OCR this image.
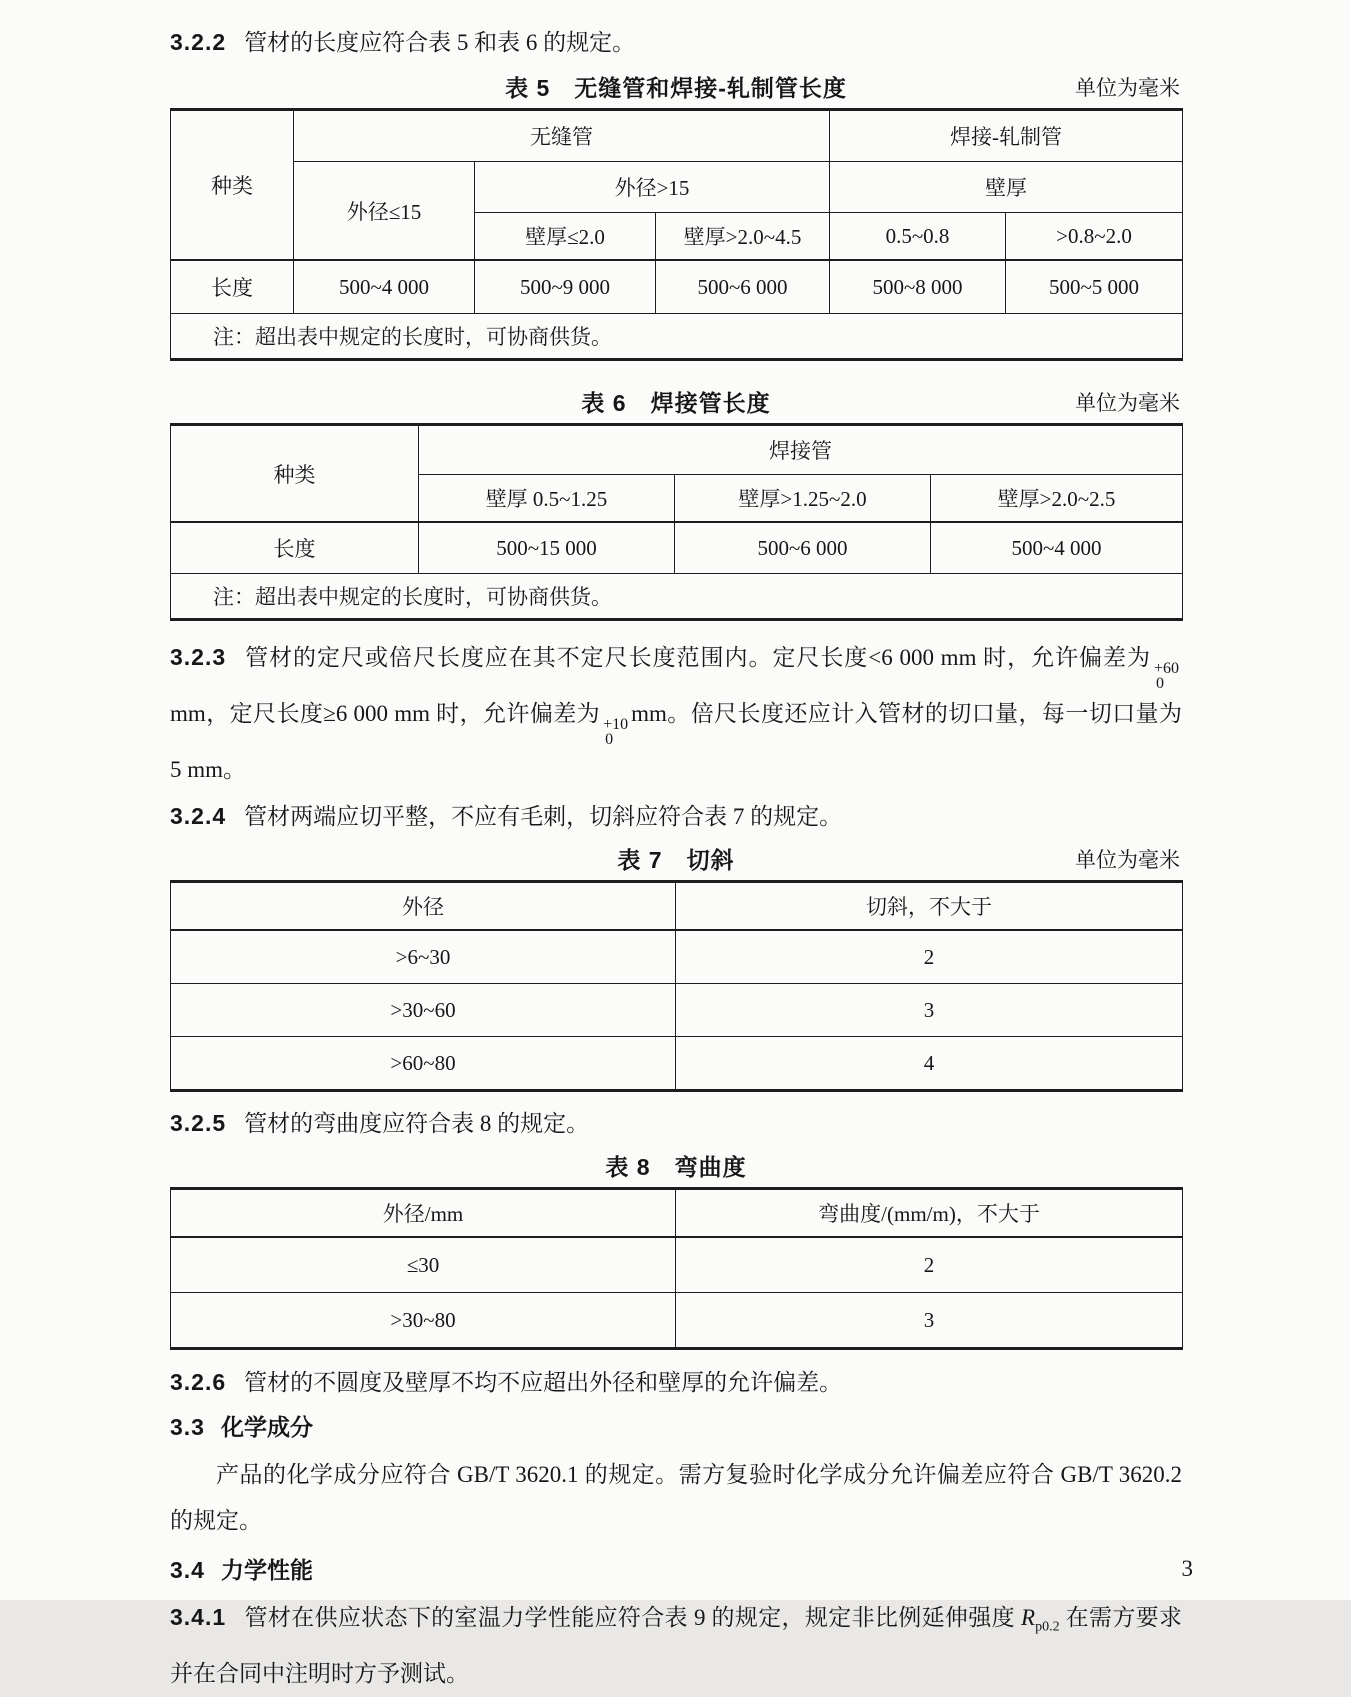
3.2.2 管材的长度应符合表 5 和表 6 的规定。

表 5　无缝管和焊接-轧制管长度	单位为毫米
种类	无缝管			焊接-轧制管	
	外径≤15	外径>15		壁厚	
		壁厚≤2.0	壁厚>2.0~4.5	0.5~0.8	>0.8~2.0
长度	500~4 000	500~9 000	500~6 000	500~8 000	500~5 000
注：超出表中规定的长度时，可协商供货。					
表 6　焊接管长度	单位为毫米
种类	焊接管		
	壁厚 0.5~1.25	壁厚>1.25~2.0	壁厚>2.0~2.5
长度	500~15 000	500~6 000	500~4 000
注：超出表中规定的长度时，可协商供货。			

3.2.3 管材的定尺或倍尺长度应在其不定尺长度范围内。定尺长度<6 000 mm 时，允许偏差为 +60
0
mm，定尺长度≥6 000 mm 时，允许偏差为 +10
0
mm。倍尺长度还应计入管材的切口量，每一切口量为 5 mm。

3.2.4 管材两端应切平整，不应有毛刺，切斜应符合表 7 的规定。

表 7　切斜	单位为毫米
外径	切斜，不大于
>6~30	2
>30~60	3
>60~80	4

3.2.5 管材的弯曲度应符合表 8 的规定。

表 8　弯曲度
外径/mm	弯曲度/(mm/m)，不大于
≤30	2
>30~80	3

3.2.6 管材的不圆度及壁厚不均不应超出外径和壁厚的允许偏差。

3.3 化学成分

产品的化学成分应符合 GB/T 3620.1 的规定。需方复验时化学成分允许偏差应符合 GB/T 3620.2 的规定。

3.4 力学性能

3.4.1 管材在供应状态下的室温力学性能应符合表 9 的规定，规定非比例延伸强度 $R_{p0.2}$ 在需方要求并在合同中注明时方予测试。

3
